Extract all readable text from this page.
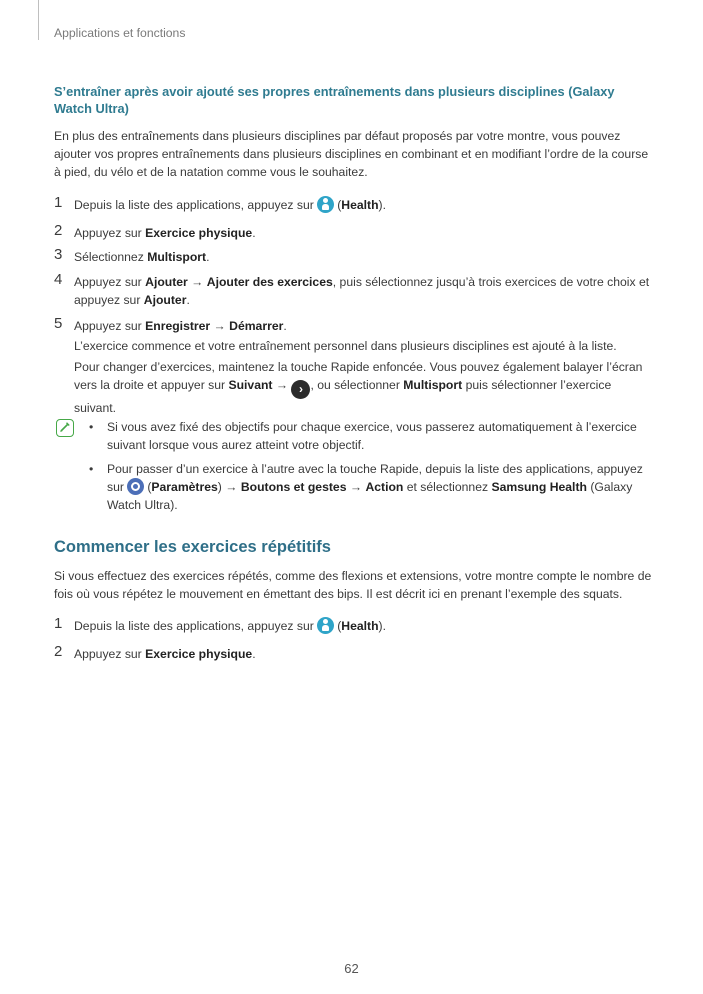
Applications et fonctions
S’entraîner après avoir ajouté ses propres entraînements dans plusieurs disciplines (Galaxy Watch Ultra)
En plus des entraînements dans plusieurs disciplines par défaut proposés par votre montre, vous pouvez ajouter vos propres entraînements dans plusieurs disciplines en combinant et en modifiant l’ordre de la course à pied, du vélo et de la natation comme vous le souhaitez.
1 Depuis la liste des applications, appuyez sur (Health).
2 Appuyez sur Exercice physique.
3 Sélectionnez Multisport.
4 Appuyez sur Ajouter → Ajouter des exercices, puis sélectionnez jusqu’à trois exercices de votre choix et appuyez sur Ajouter.
5 Appuyez sur Enregistrer → Démarrer.
L’exercice commence et votre entraînement personnel dans plusieurs disciplines est ajouté à la liste.
Pour changer d’exercices, maintenez la touche Rapide enfoncée. Vous pouvez également balayer l’écran vers la droite et appuyer sur Suivant → › , ou sélectionner Multisport puis sélectionner l’exercice suivant.
• Si vous avez fixé des objectifs pour chaque exercice, vous passerez automatiquement à l’exercice suivant lorsque vous aurez atteint votre objectif.
• Pour passer d’un exercice à l’autre avec la touche Rapide, depuis la liste des applications, appuyez sur (Paramètres) → Boutons et gestes → Action et sélectionnez Samsung Health (Galaxy Watch Ultra).
Commencer les exercices répétitifs
Si vous effectuez des exercices répétés, comme des flexions et extensions, votre montre compte le nombre de fois où vous répétez le mouvement en émettant des bips. Il est décrit ici en prenant l’exemple des squats.
1 Depuis la liste des applications, appuyez sur (Health).
2 Appuyez sur Exercice physique.
62
